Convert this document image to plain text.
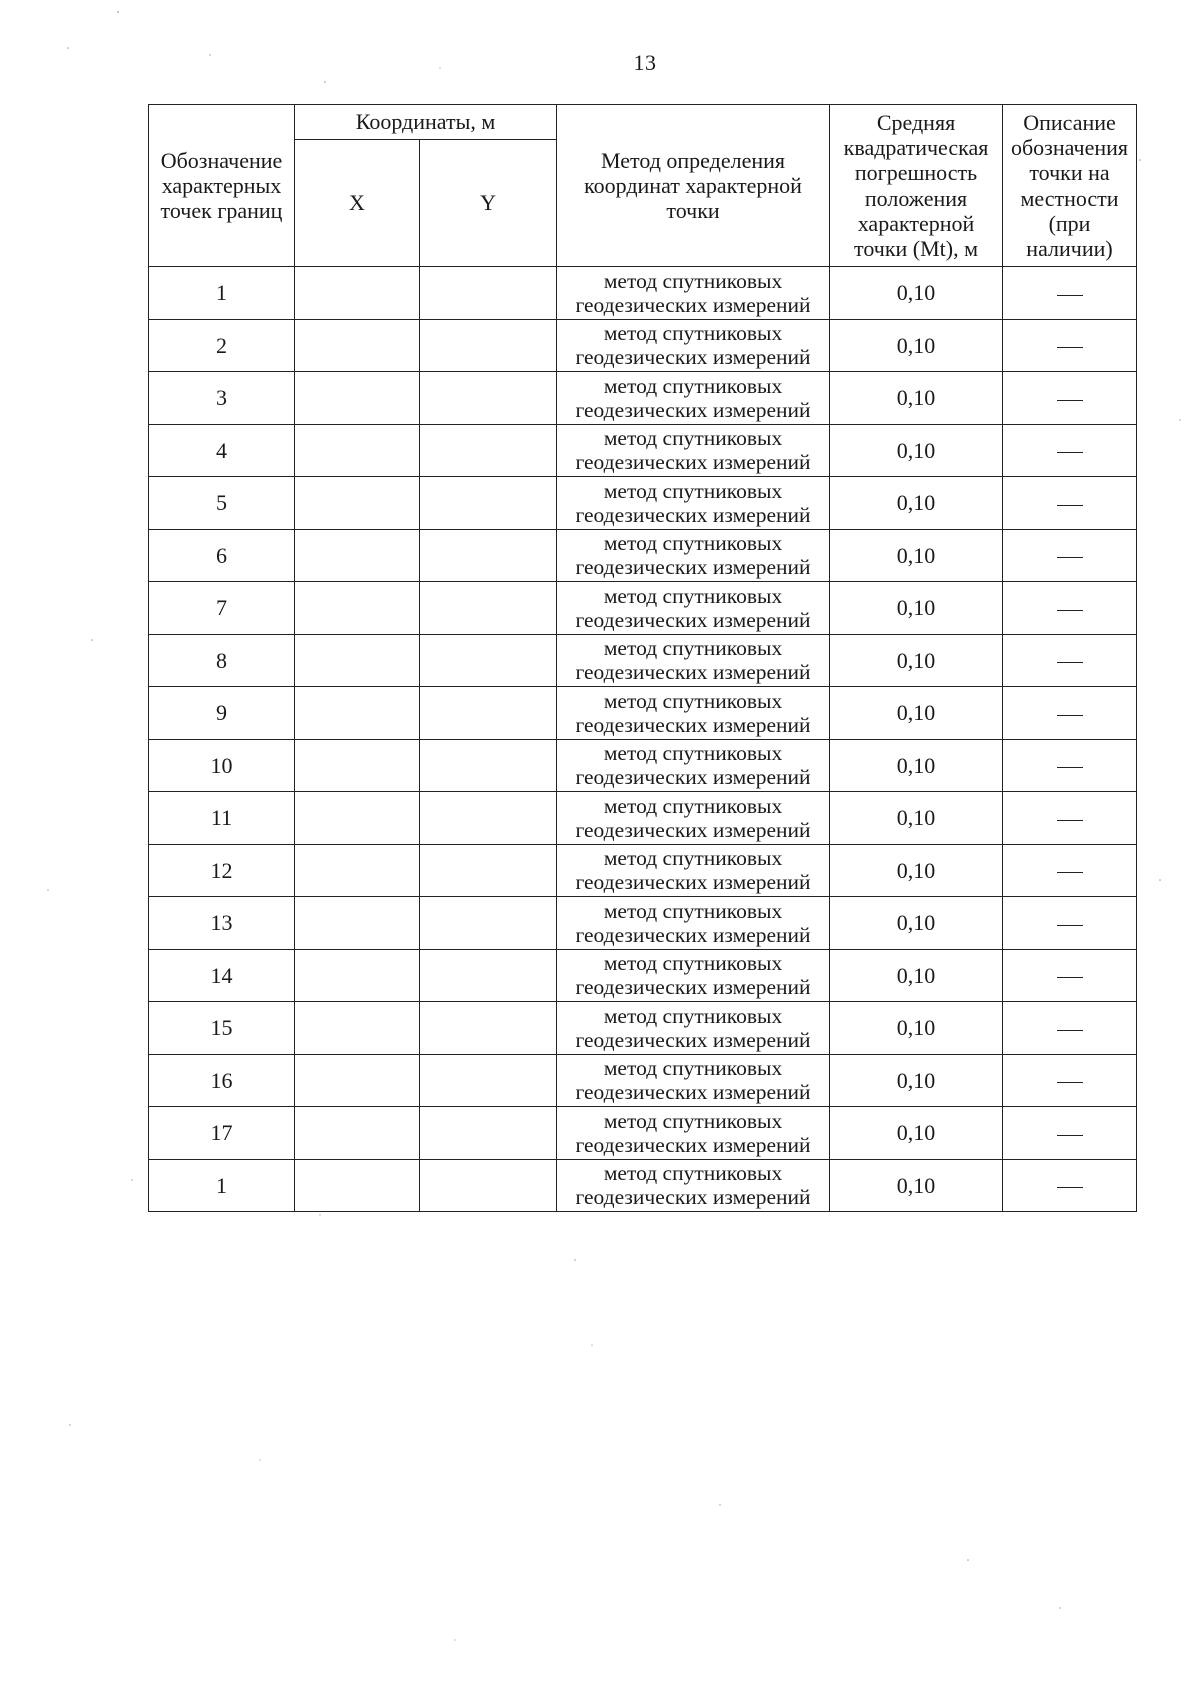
13
Обозначение характерных точек границ	Координаты, м		Метод определения координат характерной точки	Средняя квадратическая погрешность положения характерной точки (Mt), м	Описание обозначения точки на местности (при наличии)
	X	Y			
1			метод спутниковых геодезических измерений	0,10	
2			метод спутниковых геодезических измерений	0,10	
3			метод спутниковых геодезических измерений	0,10	
4			метод спутниковых геодезических измерений	0,10	
5			метод спутниковых геодезических измерений	0,10	
6			метод спутниковых геодезических измерений	0,10	
7			метод спутниковых геодезических измерений	0,10	
8			метод спутниковых геодезических измерений	0,10	
9			метод спутниковых геодезических измерений	0,10	
10			метод спутниковых геодезических измерений	0,10	
11			метод спутниковых геодезических измерений	0,10	
12			метод спутниковых геодезических измерений	0,10	
13			метод спутниковых геодезических измерений	0,10	
14			метод спутниковых геодезических измерений	0,10	
15			метод спутниковых геодезических измерений	0,10	
16			метод спутниковых геодезических измерений	0,10	
17			метод спутниковых геодезических измерений	0,10	
1			метод спутниковых геодезических измерений	0,10	
